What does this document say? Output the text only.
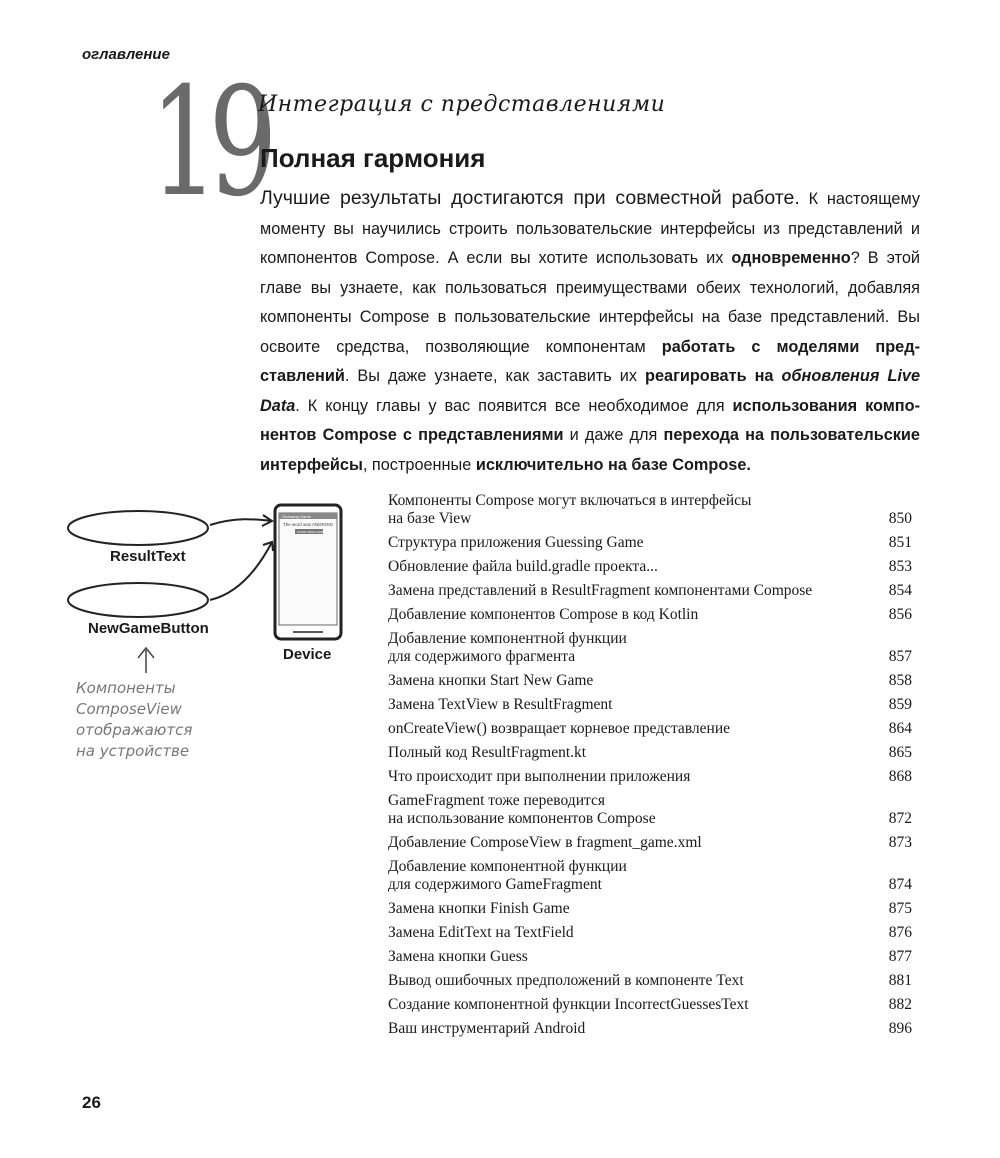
оглавление
19
Интеграция с представлениями
Полная гармония
Лучшие результаты достигаются при совместной работе. К настоящему моменту вы научились строить пользовательские интерфейсы из представлений и компонентов Compose. А если вы хотите использовать их одновременно? В этой главе вы узнаете, как пользоваться преимуществами обеих технологий, добавляя компоненты Compose в пользовательские интерфейсы на базе представлений. Вы освоите средства, позволяющие компонентам работать с моделями представлений. Вы даже узнаете, как заставить их реагировать на обновления Live Data. К концу главы у вас появится все необходимое для использования компонентов Compose с представлениями и даже для перехода на пользовательские интерфейсы, построенные исключительно на базе Compose.
Guessing Game
The word was ANDROID
START NEW GAME
ResultText
NewGameButton
Device
Компоненты
ComposeView
отображаются
на устройстве
Компоненты Compose могут включаться в интерфейсы
на базе View	850
Структура приложения Guessing Game	851
Обновление файла build.gradle проекта...	853
Замена представлений в ResultFragment компонентами Compose	854
Добавление компонентов Compose в код Kotlin	856
Добавление компонентной функции
для содержимого фрагмента	857
Замена кнопки Start New Game	858
Замена TextView в ResultFragment	859
onCreateView() возвращает корневое представление	864
Полный код ResultFragment.kt	865
Что происходит при выполнении приложения	868
GameFragment тоже переводится
на использование компонентов Compose	872
Добавление ComposeView в fragment_game.xml	873
Добавление компонентной функции
для содержимого GameFragment	874
Замена кнопки Finish Game	875
Замена EditText на TextField	876
Замена кнопки Guess	877
Вывод ошибочных предположений в компоненте Text	881
Создание компонентной функции IncorrectGuessesText	882
Ваш инструментарий Android	896
26
